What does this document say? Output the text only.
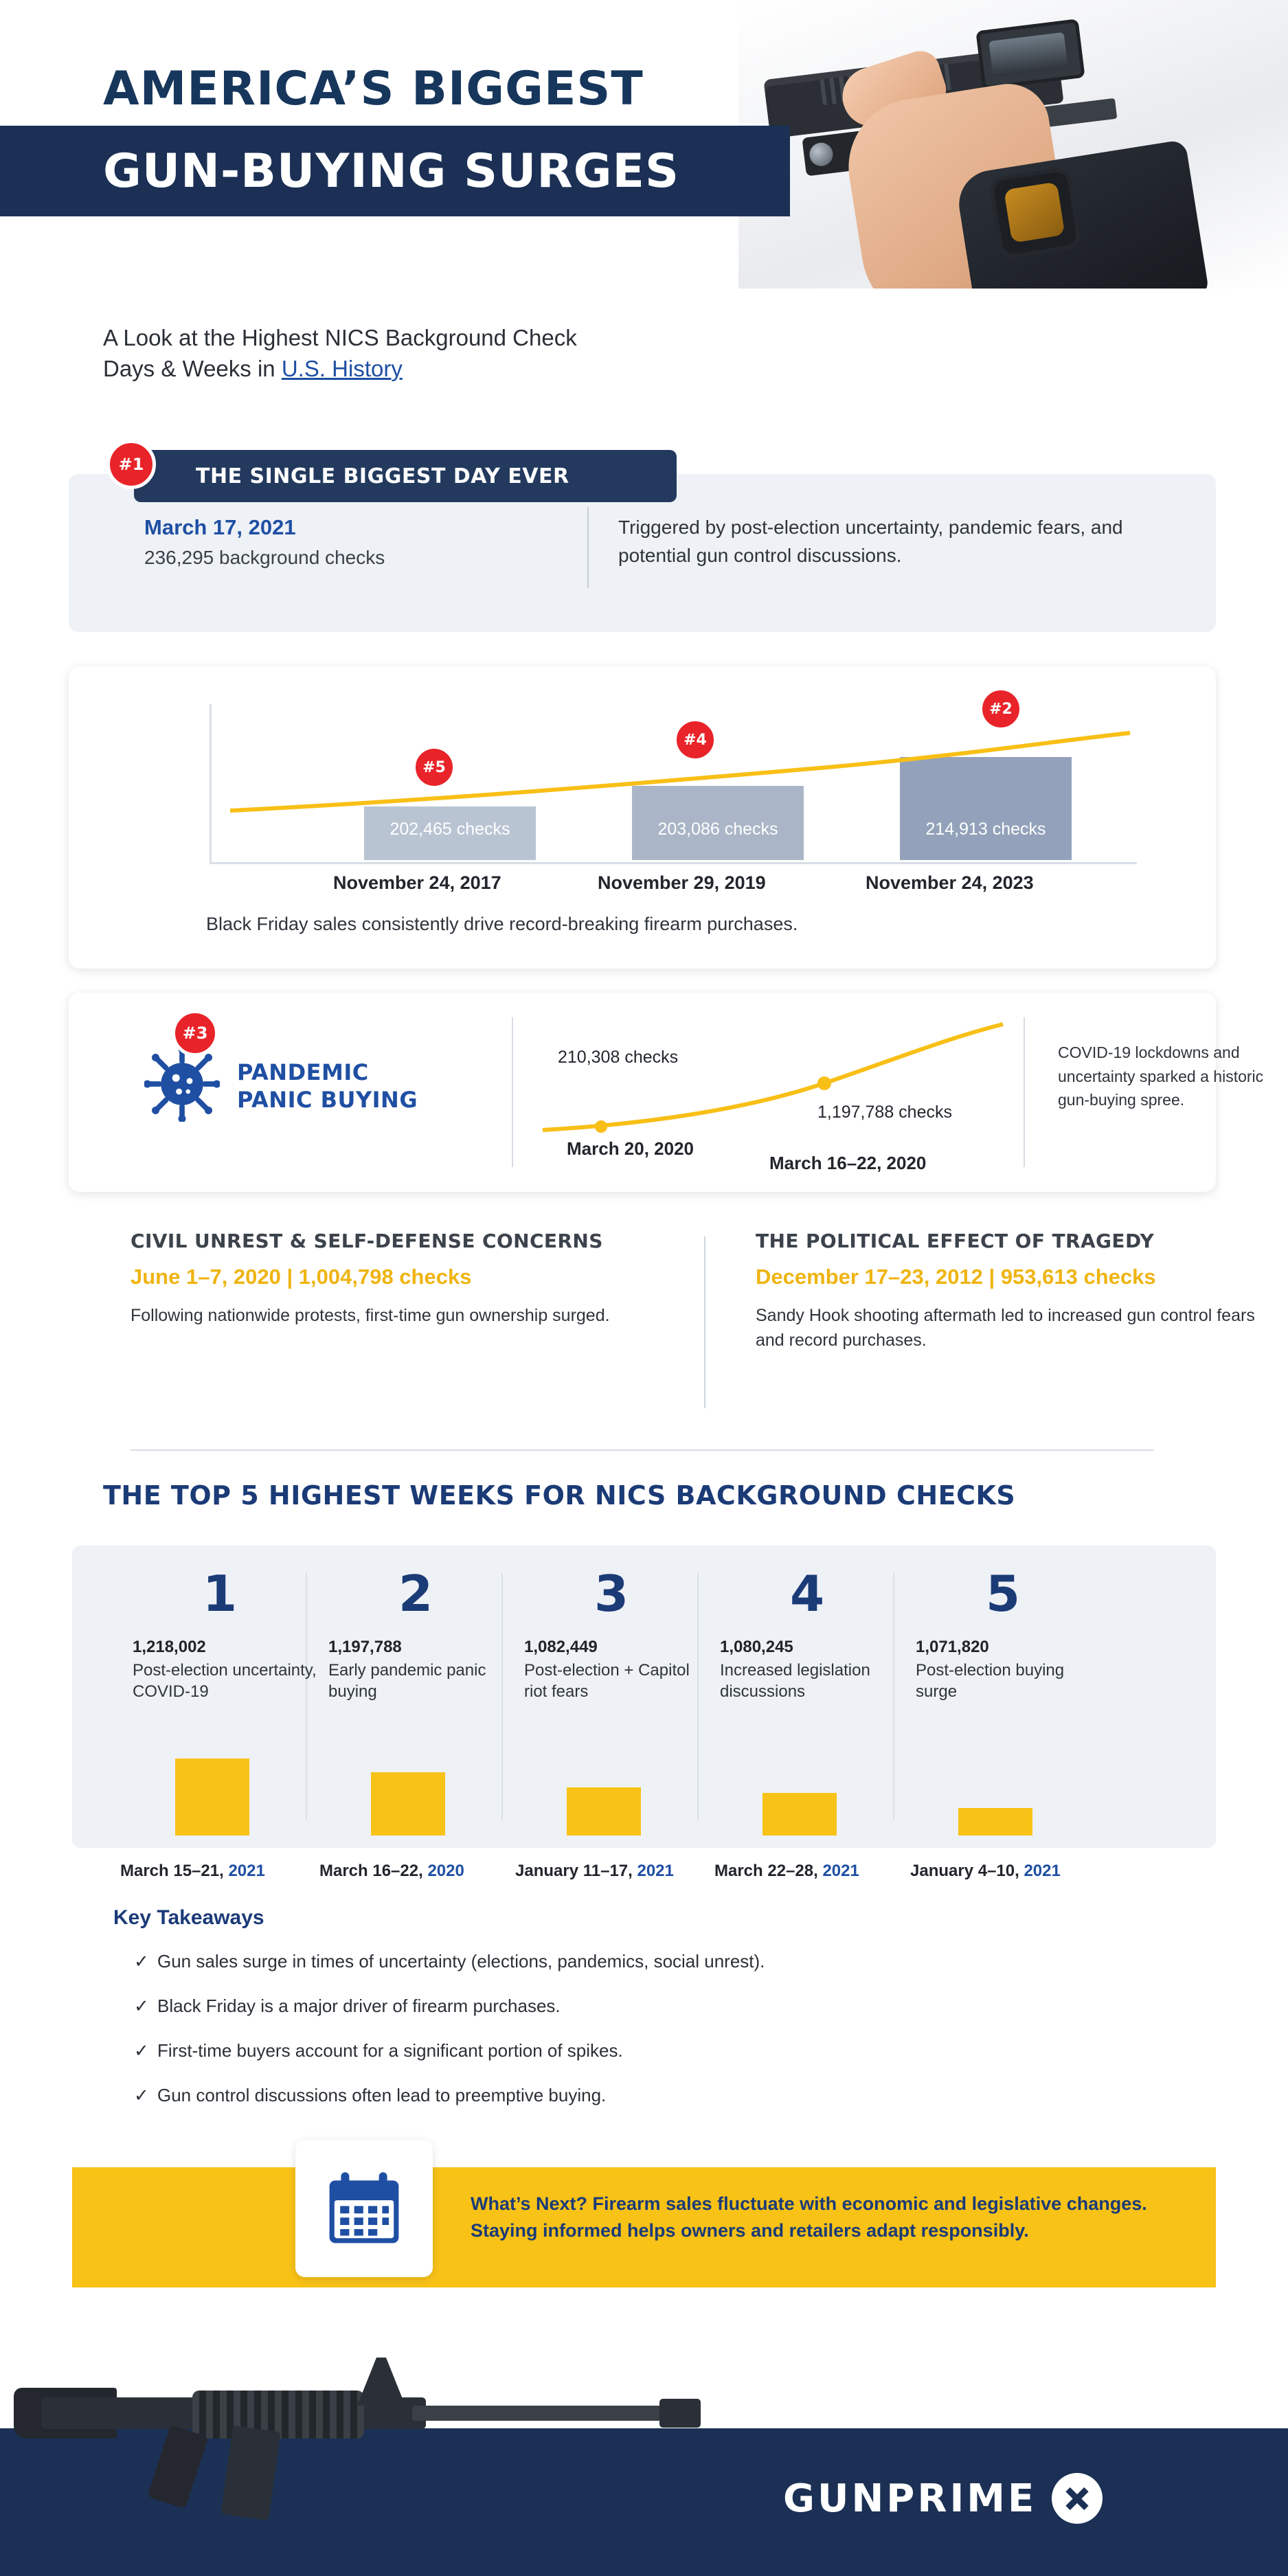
AMERICA’S BIGGEST
GUN-BUYING SURGES
A Look at the Highest NICS Background Check
Days & Weeks in U.S. History
March 17, 2021
236,295 background checks
Triggered by post-election uncertainty, pandemic fears, and potential gun control discussions.
THE SINGLE BIGGEST DAY EVER
#1
202,465 checks	203,086 checks	214,913 checks
November 24, 2017	November 29, 2019	November 24, 2023
Black Friday sales consistently drive record-breaking firearm purchases.
#5
#4
#2
PANDEMIC
PANIC BUYING
210,308 checks
1,197,788 checks
March 20, 2020
March 16–22, 2020
COVID-19 lockdowns and uncertainty sparked a historic gun-buying spree.
#3
CIVIL UNREST & SELF-DEFENSE CONCERNS
June 1–7, 2020 | 1,004,798 checks
Following nationwide protests, first-time gun ownership surged.
THE POLITICAL EFFECT OF TRAGEDY
December 17–23, 2012 | 953,613 checks
Sandy Hook shooting aftermath led to increased gun control fears and record purchases.
THE TOP 5 HIGHEST WEEKS FOR NICS BACKGROUND CHECKS
1
1,218,002
Post-election uncertainty, COVID-19
2
1,197,788
Early pandemic panic buying
3
1,082,449
Post-election + Capitol riot fears
4
1,080,245
Increased legislation discussions
5
1,071,820
Post-election buying surge
March 15–21, 2021	March 16–22, 2020	January 11–17, 2021 March 22–28, 2021	January 4–10, 2021
Key Takeaways
✓ Gun sales surge in times of uncertainty (elections, pandemics, social unrest).
✓ Black Friday is a major driver of firearm purchases.
✓ First-time buyers account for a significant portion of spikes.
✓ Gun control discussions often lead to preemptive buying.
What’s Next? Firearm sales fluctuate with economic and legislative changes. Staying informed helps owners and retailers adapt responsibly.
GUNPRIME
